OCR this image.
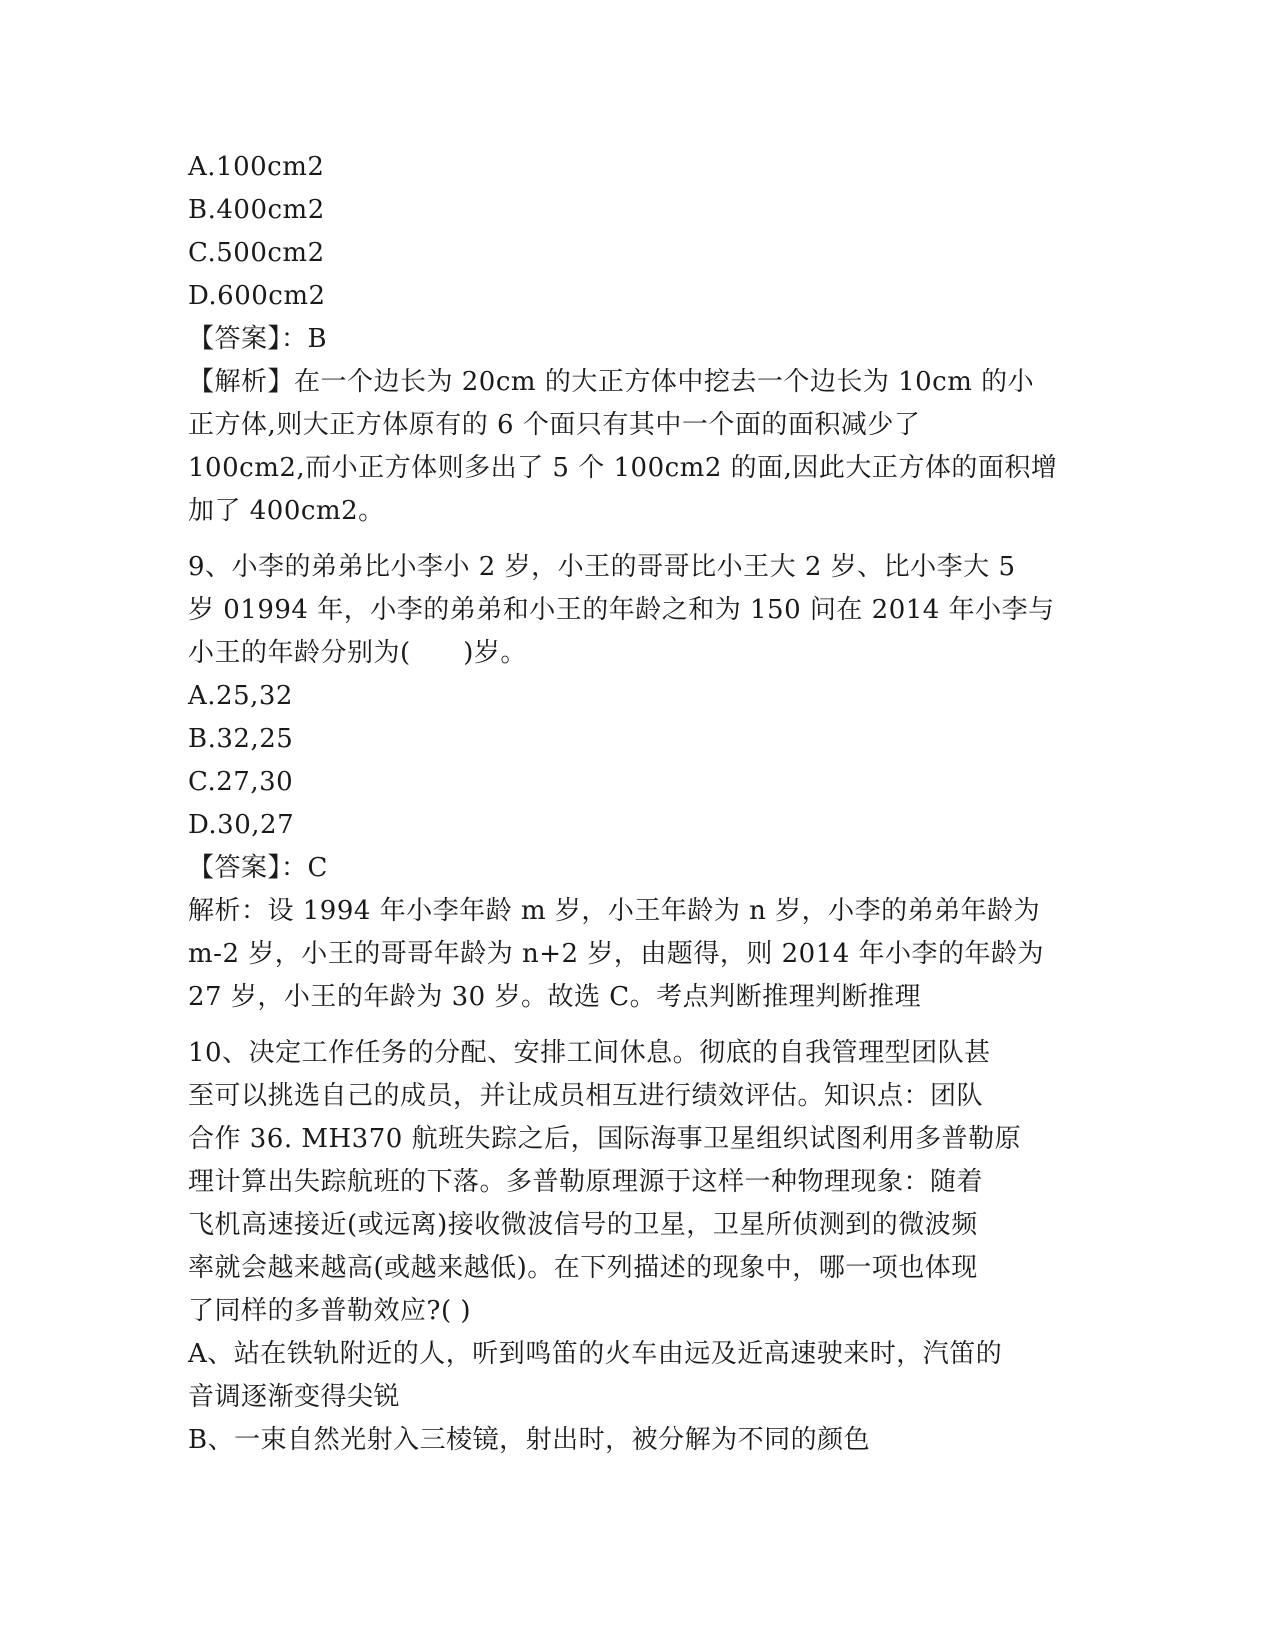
A.100cm2
B.400cm2
C.500cm2
D.600cm2
【答案】：B
【解析】在一个边长为 20cm 的大正方体中挖去一个边长为 10cm 的小
正方体,则大正方体原有的 6 个面只有其中一个面的面积减少了
100cm2,而小正方体则多出了 5 个 100cm2 的面,因此大正方体的面积增
加了 400cm2。
9、小李的弟弟比小李小 2 岁，小王的哥哥比小王大 2 岁、比小李大 5
岁 01994 年，小李的弟弟和小王的年龄之和为 150 问在 2014 年小李与
小王的年龄分别为(      )岁。
A.25,32
B.32,25
C.27,30
D.30,27
【答案】：C
解析：设 1994 年小李年龄 m 岁，小王年龄为 n 岁，小李的弟弟年龄为
m-2 岁，小王的哥哥年龄为 n+2 岁，由题得，则 2014 年小李的年龄为
27 岁，小王的年龄为 30 岁。故选 C。考点判断推理判断推理
10、决定工作任务的分配、安排工间休息。彻底的自我管理型团队甚
至可以挑选自己的成员，并让成员相互进行绩效评估。知识点：团队
合作 36. MH370 航班失踪之后，国际海事卫星组织试图利用多普勒原
理计算出失踪航班的下落。多普勒原理源于这样一种物理现象：随着
飞机高速接近(或远离)接收微波信号的卫星，卫星所侦测到的微波频
率就会越来越高(或越来越低)。在下列描述的现象中，哪一项也体现
了同样的多普勒效应?( )
A、站在铁轨附近的人，听到鸣笛的火车由远及近高速驶来时，汽笛的
音调逐渐变得尖锐
B、一束自然光射入三棱镜，射出时，被分解为不同的颜色
